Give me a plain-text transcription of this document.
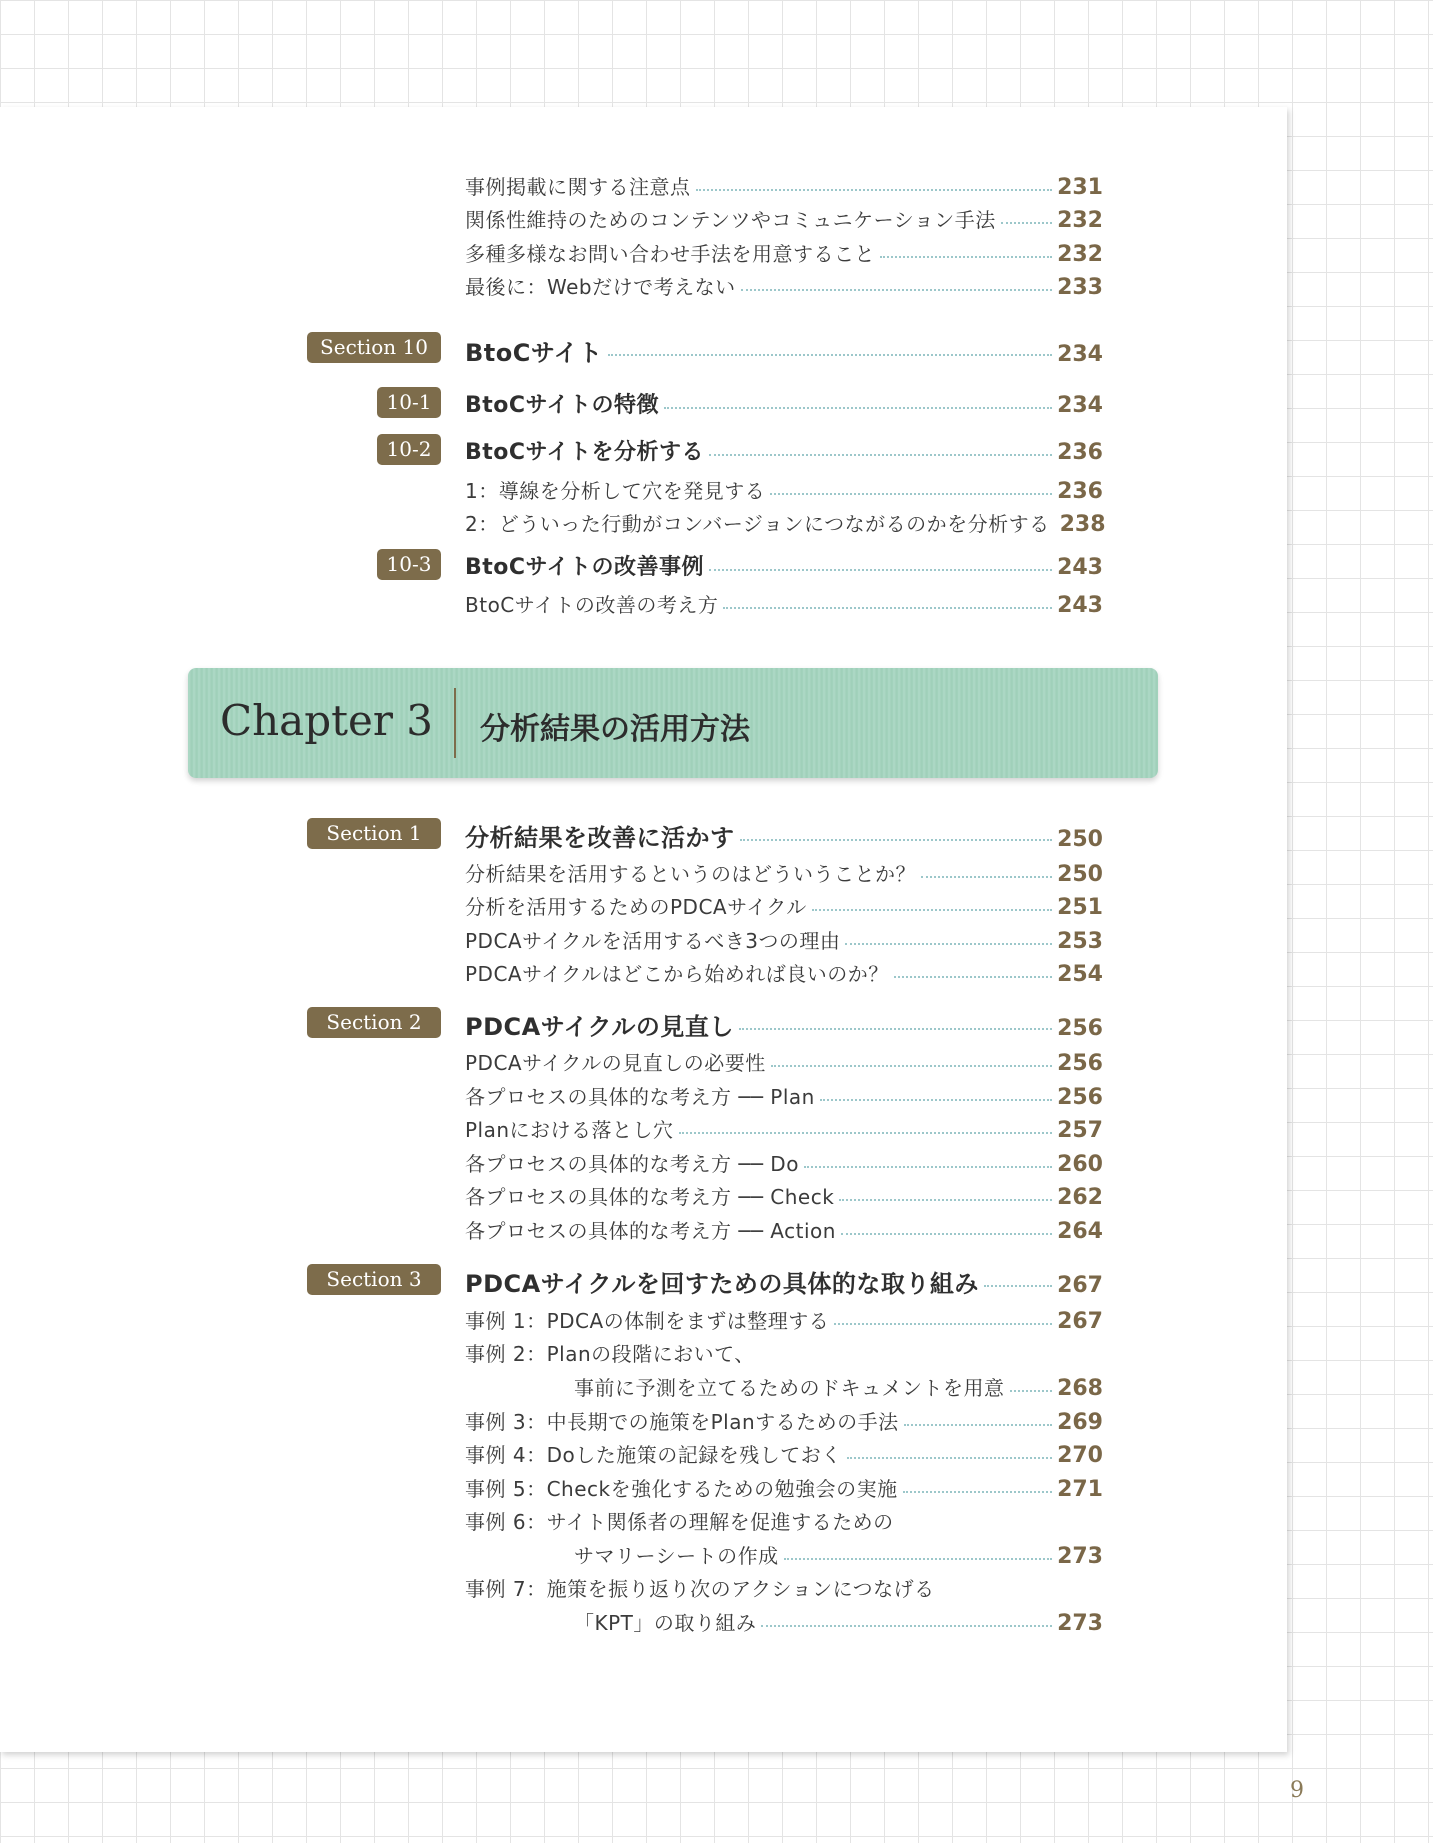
事例掲載に関する注意点	231
関係性維持のためのコンテンツやコミュニケーション手法	232
多種多様なお問い合わせ手法を用意すること	232
最後に：Webだけで考えない	233
Section 10	BtoCサイト	234
10-1	BtoCサイトの特徴	234
10-2	BtoCサイトを分析する	236
1：導線を分析して穴を発見する	236
2：どういった行動がコンバージョンにつながるのかを分析する 238
10-3	BtoCサイトの改善事例	243
BtoCサイトの改善の考え方	243
Section 1	分析結果を改善に活かす	250
分析結果を活用するというのはどういうことか？	250
分析を活用するためのPDCAサイクル	251
PDCAサイクルを活用するべき3つの理由	253
PDCAサイクルはどこから始めれば良いのか？	254
Section 2	PDCAサイクルの見直し	256
PDCAサイクルの見直しの必要性	256
各プロセスの具体的な考え方 ── Plan	256
Planにおける落とし穴	257
各プロセスの具体的な考え方 ── Do	260
各プロセスの具体的な考え方 ── Check	262
各プロセスの具体的な考え方 ── Action	264
Section 3	PDCAサイクルを回すための具体的な取り組み	267
事例 1：PDCAの体制をまずは整理する	267
事例 2：Planの段階において、
事前に予測を立てるためのドキュメントを用意 268
事例 3：中長期での施策をPlanするための手法	269
事例 4：Doした施策の記録を残しておく	270
事例 5：Checkを強化するための勉強会の実施	271
事例 6：サイト関係者の理解を促進するための
サマリーシートの作成	273
事例 7：施策を振り返り次のアクションにつなげる
「KPT」の取り組み	273
Chapter 3 分析結果の活用方法
9
